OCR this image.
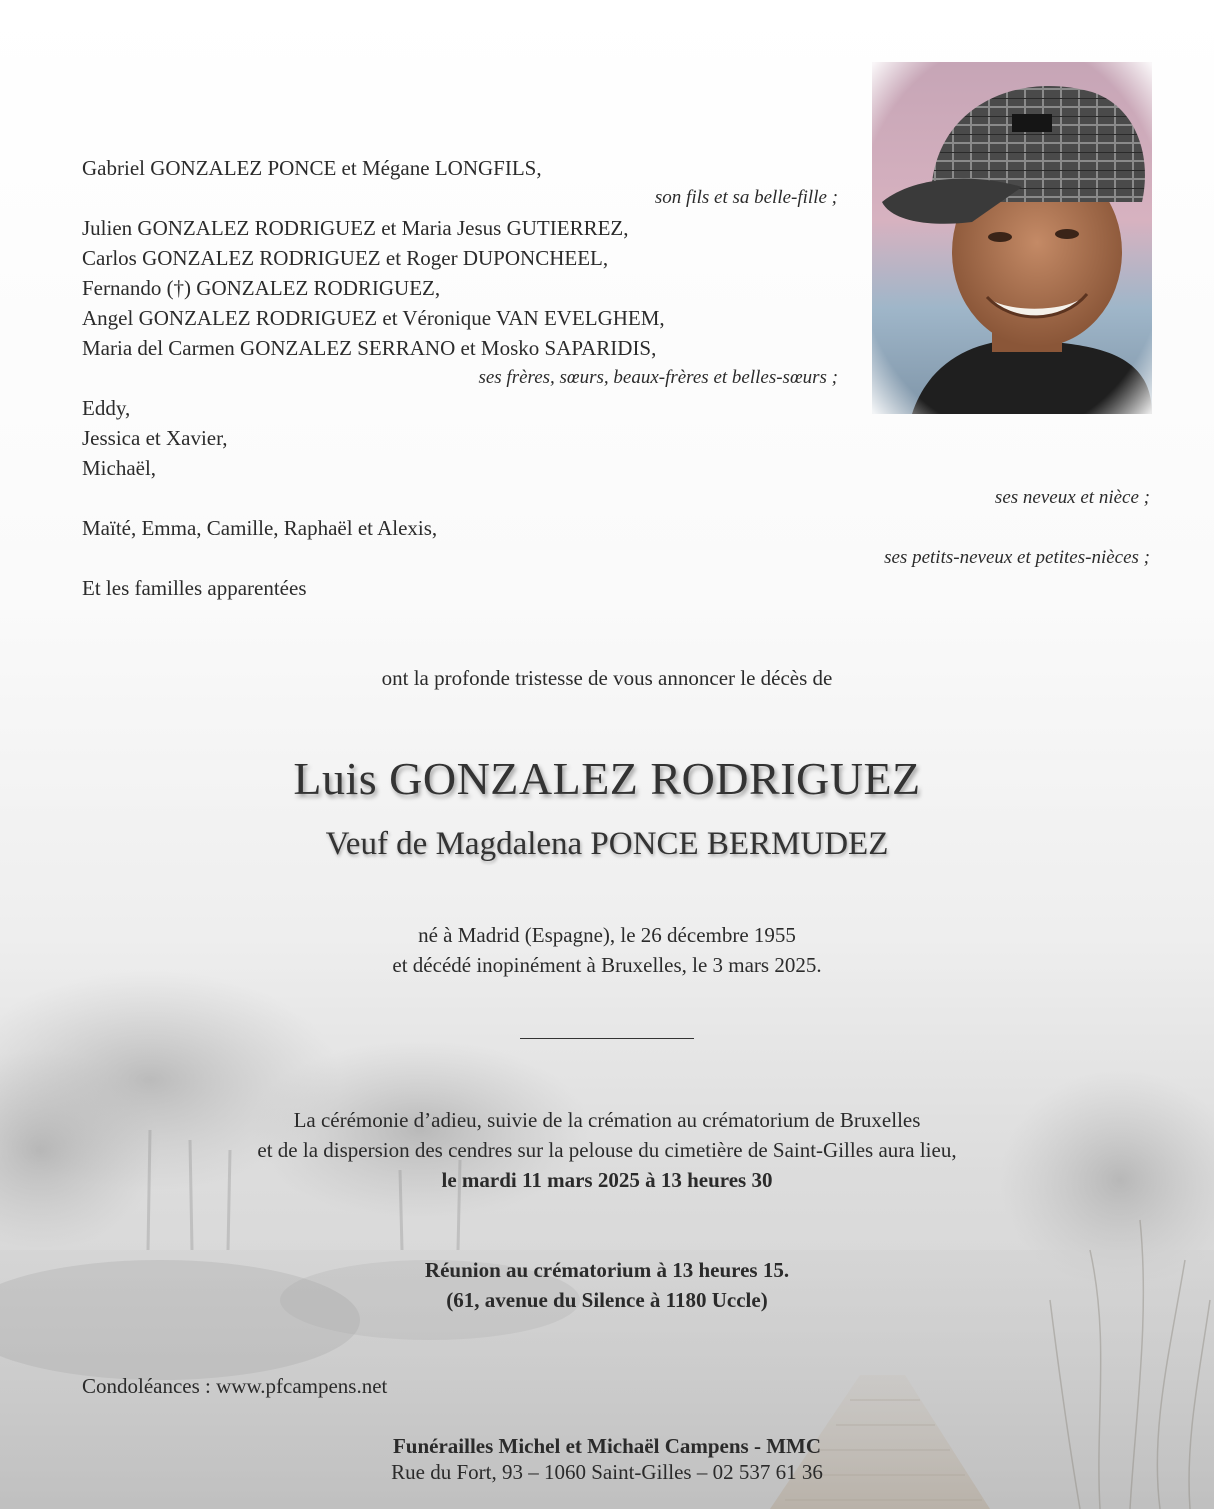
Gabriel GONZALEZ PONCE et Mégane LONGFILS,
son fils et sa belle-fille ;
Julien GONZALEZ RODRIGUEZ et Maria Jesus GUTIERREZ,
Carlos GONZALEZ RODRIGUEZ et Roger DUPONCHEEL,
Fernando (†) GONZALEZ RODRIGUEZ,
Angel GONZALEZ RODRIGUEZ et Véronique VAN EVELGHEM,
Maria del Carmen GONZALEZ SERRANO et Mosko SAPARIDIS,
ses frères, sœurs, beaux-frères et belles-sœurs ;
Eddy,
Jessica et Xavier,
Michaël,
ses neveux et nièce ;
Maïté, Emma, Camille, Raphaël et Alexis,
ses petits-neveux et petites-nièces ;
Et les familles apparentées
ont la profonde tristesse de vous annoncer le décès de
Luis GONZALEZ RODRIGUEZ
Veuf de Magdalena PONCE BERMUDEZ
né à Madrid (Espagne), le 26 décembre 1955
et décédé inopinément à Bruxelles, le 3 mars 2025.
La cérémonie d’adieu, suivie de la crémation au crématorium de Bruxelles
et de la dispersion des cendres sur la pelouse du cimetière de Saint-Gilles aura lieu,
le mardi 11 mars 2025 à 13 heures 30
Réunion au crématorium à 13 heures 15.
(61, avenue du Silence à 1180 Uccle)
Condoléances : www.pfcampens.net
Funérailles Michel et Michaël Campens - MMC
Rue du Fort, 93 – 1060 Saint-Gilles – 02 537 61 36
